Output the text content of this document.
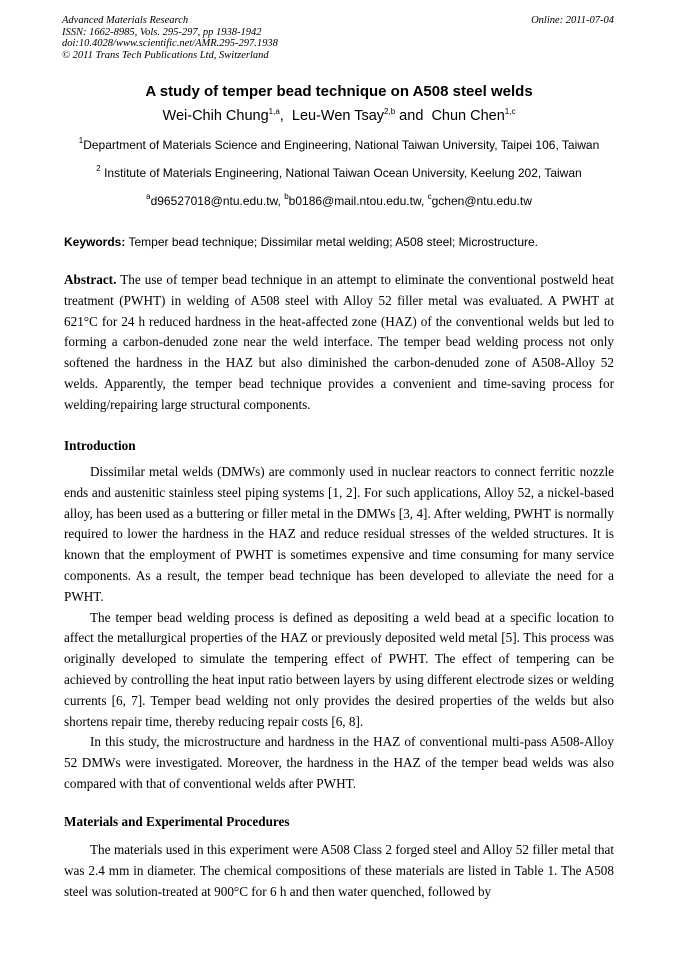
Advanced Materials Research
ISSN: 1662-8985, Vols. 295-297, pp 1938-1942
doi:10.4028/www.scientific.net/AMR.295-297.1938
© 2011 Trans Tech Publications Ltd, Switzerland
Online: 2011-07-04
A study of temper bead technique on A508 steel welds
Wei-Chih Chung$^{1,a}$,  Leu-Wen Tsay$^{2,b}$ and  Chun Chen$^{1,c}$
$^1$Department of Materials Science and Engineering, National Taiwan University, Taipei 106, Taiwan
$^2$ Institute of Materials Engineering, National Taiwan Ocean University, Keelung 202, Taiwan
$^a$d96527018@ntu.edu.tw, $^b$b0186@mail.ntou.edu.tw, $^c$gchen@ntu.edu.tw
Keywords: Temper bead technique; Dissimilar metal welding; A508 steel; Microstructure.

Abstract. The use of temper bead technique in an attempt to eliminate the conventional postweld heat treatment (PWHT) in welding of A508 steel with Alloy 52 filler metal was evaluated. A PWHT at 621°C for 24 h reduced hardness in the heat-affected zone (HAZ) of the conventional welds but led to forming a carbon-denuded zone near the weld interface. The temper bead welding process not only softened the hardness in the HAZ but also diminished the carbon-denuded zone of A508-Alloy 52 welds. Apparently, the temper bead technique provides a convenient and time-saving process for welding/repairing large structural components.

Introduction

Dissimilar metal welds (DMWs) are commonly used in nuclear reactors to connect ferritic nozzle ends and austenitic stainless steel piping systems [1, 2]. For such applications, Alloy 52, a nickel-based alloy, has been used as a buttering or filler metal in the DMWs [3, 4]. After welding, PWHT is normally required to lower the hardness in the HAZ and reduce residual stresses of the welded structures. It is known that the employment of PWHT is sometimes expensive and time consuming for many service components. As a result, the temper bead technique has been developed to alleviate the need for a PWHT.

The temper bead welding process is defined as depositing a weld bead at a specific location to affect the metallurgical properties of the HAZ or previously deposited weld metal [5]. This process was originally developed to simulate the tempering effect of PWHT. The effect of tempering can be achieved by controlling the heat input ratio between layers by using different electrode sizes or welding currents [6, 7]. Temper bead welding not only provides the desired properties of the welds but also shortens repair time, thereby reducing repair costs [6, 8].

In this study, the microstructure and hardness in the HAZ of conventional multi-pass A508-Alloy 52 DMWs were investigated. Moreover, the hardness in the HAZ of the temper bead welds was also compared with that of conventional welds after PWHT.

Materials and Experimental Procedures

The materials used in this experiment were A508 Class 2 forged steel and Alloy 52 filler metal that was 2.4 mm in diameter. The chemical compositions of these materials are listed in Table 1. The A508 steel was solution-treated at 900°C for 6 h and then water quenched, followed by
